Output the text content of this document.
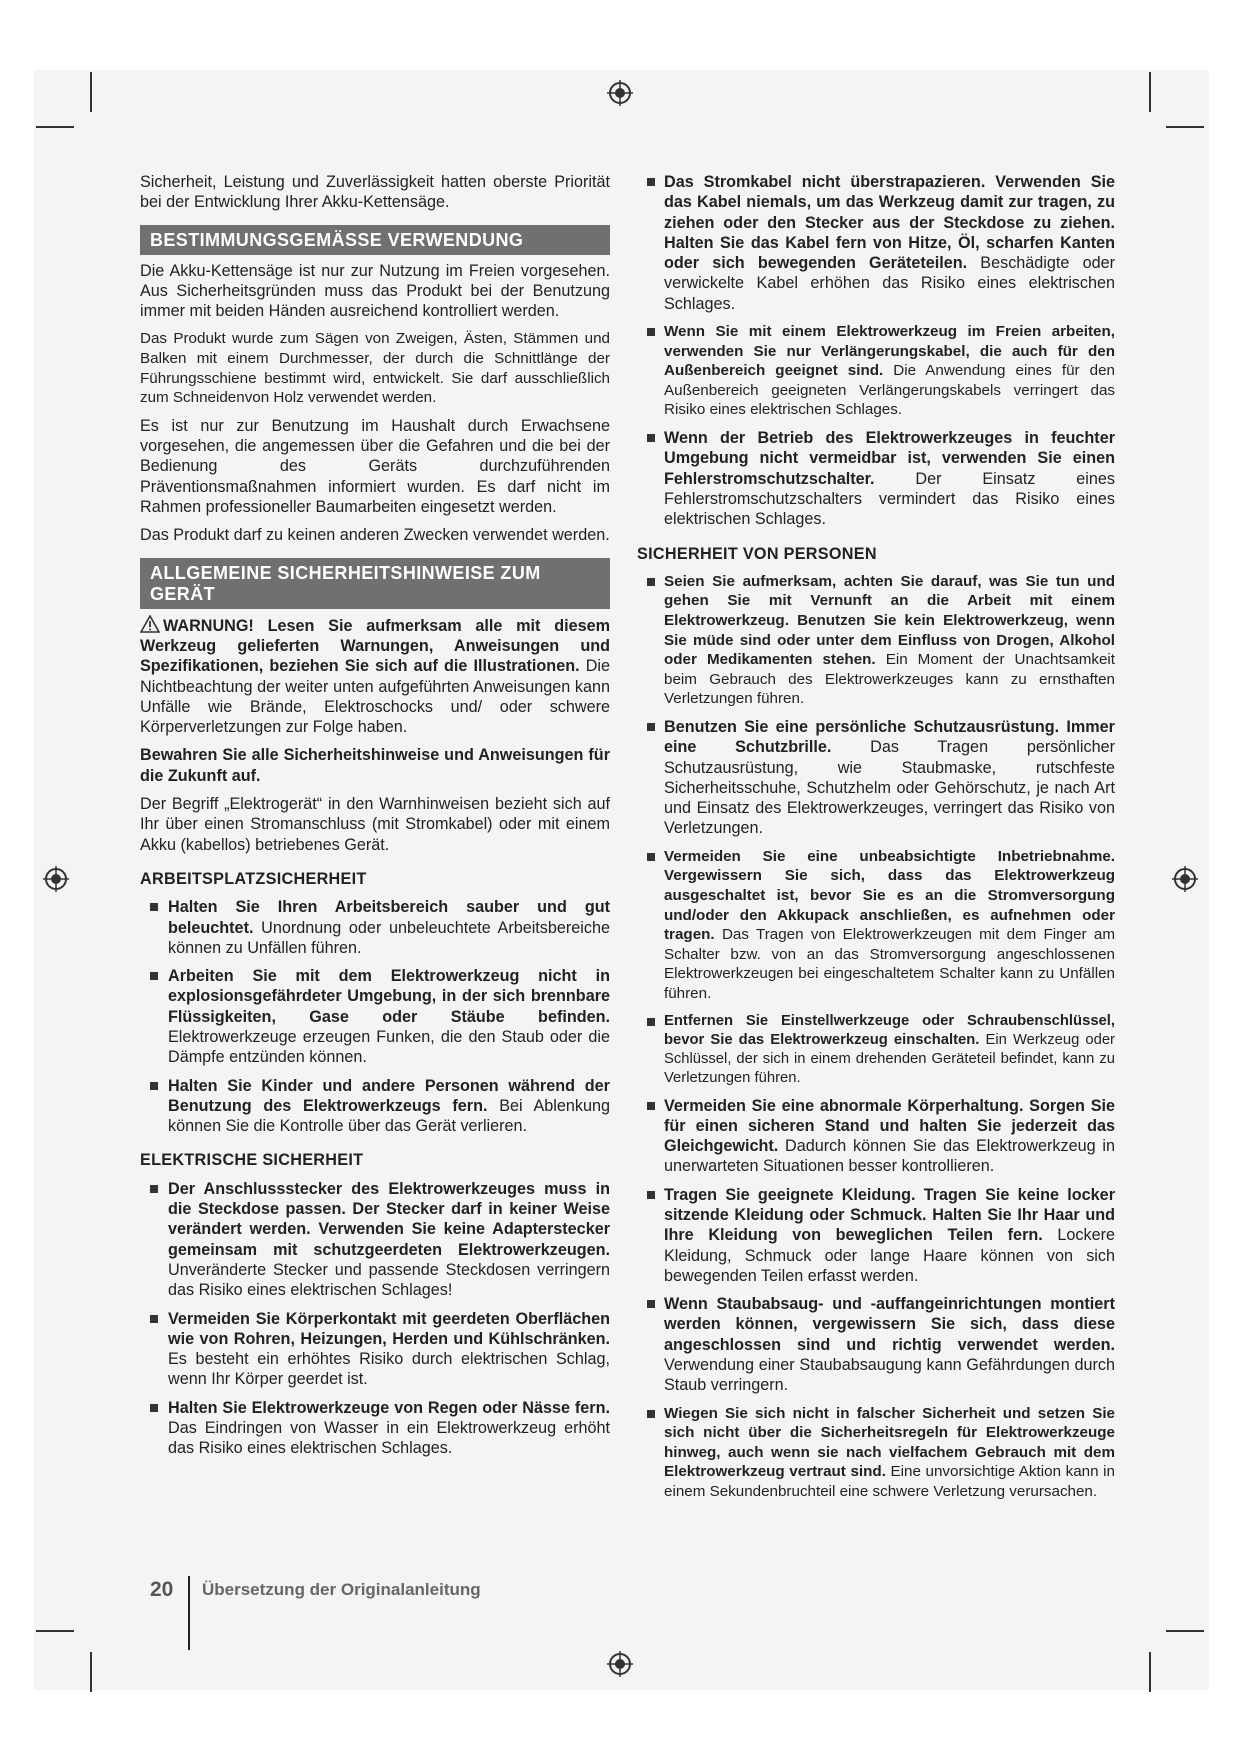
Sicherheit, Leistung und Zuverlässigkeit hatten oberste Priorität bei der Entwicklung Ihrer Akku-Kettensäge.

BESTIMMUNGSGEMÄSSE VERWENDUNG

Die Akku-Kettensäge ist nur zur Nutzung im Freien vorgesehen. Aus Sicherheitsgründen muss das Produkt bei der Benutzung immer mit beiden Händen ausreichend kontrolliert werden.

Das Produkt wurde zum Sägen von Zweigen, Ästen, Stämmen und Balken mit einem Durchmesser, der durch die Schnittlänge der Führungsschiene bestimmt wird, entwickelt. Sie darf ausschließlich zum Schneidenvon Holz verwendet werden.

Es ist nur zur Benutzung im Haushalt durch Erwachsene vorgesehen, die angemessen über die Gefahren und die bei der Bedienung des Geräts durchzuführenden Präventionsmaßnahmen informiert wurden. Es darf nicht im Rahmen professioneller Baumarbeiten eingesetzt werden.

Das Produkt darf zu keinen anderen Zwecken verwendet werden.

ALLGEMEINE SICHERHEITSHINWEISE ZUM GERÄT

WARNUNG! Lesen Sie aufmerksam alle mit diesem Werkzeug gelieferten Warnungen, Anweisungen und Spezifikationen, beziehen Sie sich auf die Illustrationen. Die Nichtbeachtung der weiter unten aufgeführten Anweisungen kann Unfälle wie Brände, Elektroschocks und/ oder schwere Körperverletzungen zur Folge haben.

Bewahren Sie alle Sicherheitshinweise und Anweisungen für die Zukunft auf.

Der Begriff „Elektrogerät“ in den Warnhinweisen bezieht sich auf Ihr über einen Stromanschluss (mit Stromkabel) oder mit einem Akku (kabellos) betriebenes Gerät.

ARBEITSPLATZSICHERHEIT
Halten Sie Ihren Arbeitsbereich sauber und gut beleuchtet. Unordnung oder unbeleuchtete Arbeitsbereiche können zu Unfällen führen.
Arbeiten Sie mit dem Elektrowerkzeug nicht in explosionsgefährdeter Umgebung, in der sich brennbare Flüssigkeiten, Gase oder Stäube befinden. Elektrowerkzeuge erzeugen Funken, die den Staub oder die Dämpfe entzünden können.
Halten Sie Kinder und andere Personen während der Benutzung des Elektrowerkzeugs fern. Bei Ablenkung können Sie die Kontrolle über das Gerät verlieren.
ELEKTRISCHE SICHERHEIT
Der Anschlussstecker des Elektrowerkzeuges muss in die Steckdose passen. Der Stecker darf in keiner Weise verändert werden. Verwenden Sie keine Adapterstecker gemeinsam mit schutzgeerdeten Elektrowerkzeugen. Unveränderte Stecker und passende Steckdosen verringern das Risiko eines elektrischen Schlages!
Vermeiden Sie Körperkontakt mit geerdeten Oberflächen wie von Rohren, Heizungen, Herden und Kühlschränken. Es besteht ein erhöhtes Risiko durch elektrischen Schlag, wenn Ihr Körper geerdet ist.
Halten Sie Elektrowerkzeuge von Regen oder Nässe fern. Das Eindringen von Wasser in ein Elektrowerkzeug erhöht das Risiko eines elektrischen Schlages.
Das Stromkabel nicht überstrapazieren. Verwenden Sie das Kabel niemals, um das Werkzeug damit zur tragen, zu ziehen oder den Stecker aus der Steckdose zu ziehen. Halten Sie das Kabel fern von Hitze, Öl, scharfen Kanten oder sich bewegenden Geräteteilen. Beschädigte oder verwickelte Kabel erhöhen das Risiko eines elektrischen Schlages.
Wenn Sie mit einem Elektrowerkzeug im Freien arbeiten, verwenden Sie nur Verlängerungskabel, die auch für den Außenbereich geeignet sind. Die Anwendung eines für den Außenbereich geeigneten Verlängerungskabels verringert das Risiko eines elektrischen Schlages.
Wenn der Betrieb des Elektrowerkzeuges in feuchter Umgebung nicht vermeidbar ist, verwenden Sie einen Fehlerstromschutzschalter. Der Einsatz eines Fehlerstromschutzschalters vermindert das Risiko eines elektrischen Schlages.
SICHERHEIT VON PERSONEN
Seien Sie aufmerksam, achten Sie darauf, was Sie tun und gehen Sie mit Vernunft an die Arbeit mit einem Elektrowerkzeug. Benutzen Sie kein Elektrowerkzeug, wenn Sie müde sind oder unter dem Einfluss von Drogen, Alkohol oder Medikamenten stehen. Ein Moment der Unachtsamkeit beim Gebrauch des Elektrowerkzeuges kann zu ernsthaften Verletzungen führen.
Benutzen Sie eine persönliche Schutzausrüstung. Immer eine Schutzbrille. Das Tragen persönlicher Schutzausrüstung, wie Staubmaske, rutschfeste Sicherheitsschuhe, Schutzhelm oder Gehörschutz, je nach Art und Einsatz des Elektrowerkzeuges, verringert das Risiko von Verletzungen.
Vermeiden Sie eine unbeabsichtigte Inbetriebnahme. Vergewissern Sie sich, dass das Elektrowerkzeug ausgeschaltet ist, bevor Sie es an die Stromversorgung und/oder den Akkupack anschließen, es aufnehmen oder tragen. Das Tragen von Elektrowerkzeugen mit dem Finger am Schalter bzw. von an das Stromversorgung angeschlossenen Elektrowerkzeugen bei eingeschaltetem Schalter kann zu Unfällen führen.
Entfernen Sie Einstellwerkzeuge oder Schraubenschlüssel, bevor Sie das Elektrowerkzeug einschalten. Ein Werkzeug oder Schlüssel, der sich in einem drehenden Geräteteil befindet, kann zu Verletzungen führen.
Vermeiden Sie eine abnormale Körperhaltung. Sorgen Sie für einen sicheren Stand und halten Sie jederzeit das Gleichgewicht. Dadurch können Sie das Elektrowerkzeug in unerwarteten Situationen besser kontrollieren.
Tragen Sie geeignete Kleidung. Tragen Sie keine locker sitzende Kleidung oder Schmuck. Halten Sie Ihr Haar und Ihre Kleidung von beweglichen Teilen fern. Lockere Kleidung, Schmuck oder lange Haare können von sich bewegenden Teilen erfasst werden.
Wenn Staubabsaug- und -auffangeinrichtungen montiert werden können, vergewissern Sie sich, dass diese angeschlossen sind und richtig verwendet werden. Verwendung einer Staubabsaugung kann Gefährdungen durch Staub verringern.
Wiegen Sie sich nicht in falscher Sicherheit und setzen Sie sich nicht über die Sicherheitsregeln für Elektrowerkzeuge hinweg, auch wenn sie nach vielfachem Gebrauch mit dem Elektrowerkzeug vertraut sind. Eine unvorsichtige Aktion kann in einem Sekundenbruchteil eine schwere Verletzung verursachen.
20 Übersetzung der Originalanleitung
